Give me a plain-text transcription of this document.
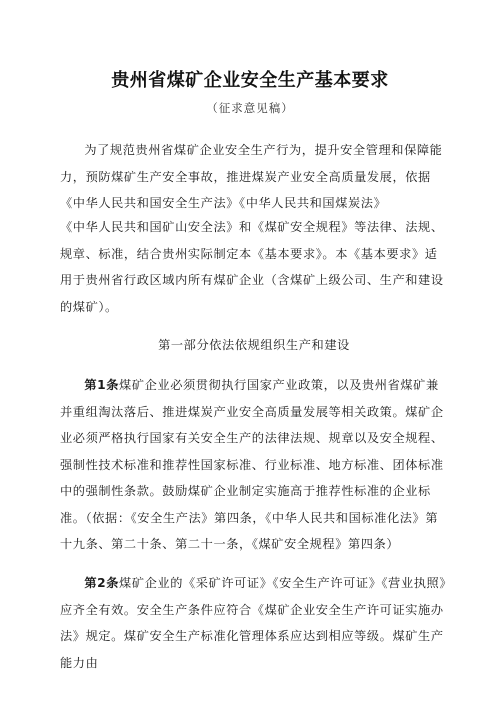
贵州省煤矿企业安全生产基本要求
（征求意见稿）

为了规范贵州省煤矿企业安全生产行为，提升安全管理和保障能力，预防煤矿生产安全事故，推进煤炭产业安全高质量发展，依据《中华人民共和国安全生产法》《中华人民共和国煤炭法》

《中华人民共和国矿山安全法》和《煤矿安全规程》等法律、法规、规章、标准，结合贵州实际制定本《基本要求》。本《基本要求》适用于贵州省行政区域内所有煤矿企业（含煤矿上级公司、生产和建设的煤矿）。

第一部分依法依规组织生产和建设

第1条煤矿企业必须贯彻执行国家产业政策，以及贵州省煤矿兼并重组淘汰落后、推进煤炭产业安全高质量发展等相关政策。煤矿企业必须严格执行国家有关安全生产的法律法规、规章以及安全规程、强制性技术标准和推荐性国家标准、行业标准、地方标准、团体标准中的强制性条款。鼓励煤矿企业制定实施高于推荐性标准的企业标准。（依据：《安全生产法》第四条，《中华人民共和国标准化法》第十九条、第二十条、第二十一条，《煤矿安全规程》第四条）

第2条煤矿企业的《采矿许可证》《安全生产许可证》《营业执照》应齐全有效。安全生产条件应符合《煤矿企业安全生产许可证实施办法》规定。煤矿安全生产标准化管理体系应达到相应等级。煤矿生产能力由
